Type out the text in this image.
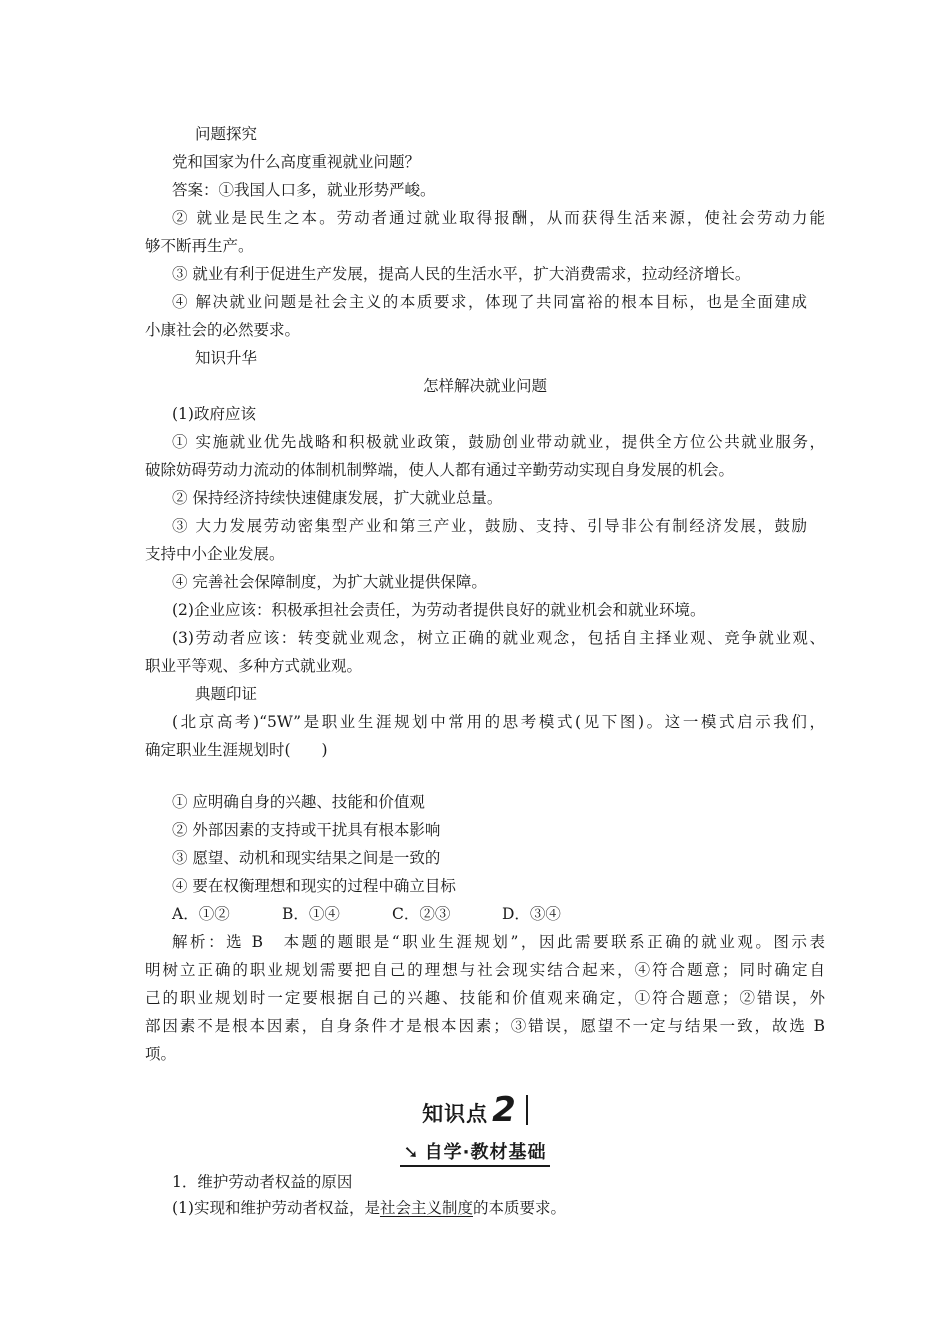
问题探究
党和国家为什么高度重视就业问题？
答案：①我国人口多，就业形势严峻。
② 就业是民生之本。劳动者通过就业取得报酬，从而获得生活来源，使社会劳动力能
够不断再生产。
③ 就业有利于促进生产发展，提高人民的生活水平，扩大消费需求，拉动经济增长。
④ 解决就业问题是社会主义的本质要求，体现了共同富裕的根本目标，也是全面建成
小康社会的必然要求。
知识升华
怎样解决就业问题
(1)政府应该
① 实施就业优先战略和积极就业政策，鼓励创业带动就业，提供全方位公共就业服务，
破除妨碍劳动力流动的体制机制弊端，使人人都有通过辛勤劳动实现自身发展的机会。
② 保持经济持续快速健康发展，扩大就业总量。
③ 大力发展劳动密集型产业和第三产业，鼓励、支持、引导非公有制经济发展，鼓励
支持中小企业发展。
④ 完善社会保障制度，为扩大就业提供保障。
(2)企业应该：积极承担社会责任，为劳动者提供良好的就业机会和就业环境。
(3)劳动者应该：转变就业观念，树立正确的就业观念，包括自主择业观、竞争就业观、
职业平等观、多种方式就业观。
典题印证
(北京高考)“5W”是职业生涯规划中常用的思考模式(见下图)。这一模式启示我们，
确定职业生涯规划时(　　)
① 应明确自身的兴趣、技能和价值观
② 外部因素的支持或干扰具有根本影响
③ 愿望、动机和现实结果之间是一致的
④ 要在权衡理想和现实的过程中确立目标
A．①②	B．①④	C．②③	D．③④
解析：选 B　本题的题眼是“职业生涯规划”，因此需要联系正确的就业观。图示表
明树立正确的职业规划需要把自己的理想与社会现实结合起来，④符合题意；同时确定自
己的职业规划时一定要根据自己的兴趣、技能和价值观来确定，①符合题意；②错误，外
部因素不是根本因素，自身条件才是根本因素；③错误，愿望不一定与结果一致，故选 B
项。
知识点 2
➘ 自学·教材基础
1．维护劳动者权益的原因
(1)实现和维护劳动者权益，是社会主义制度的本质要求。
